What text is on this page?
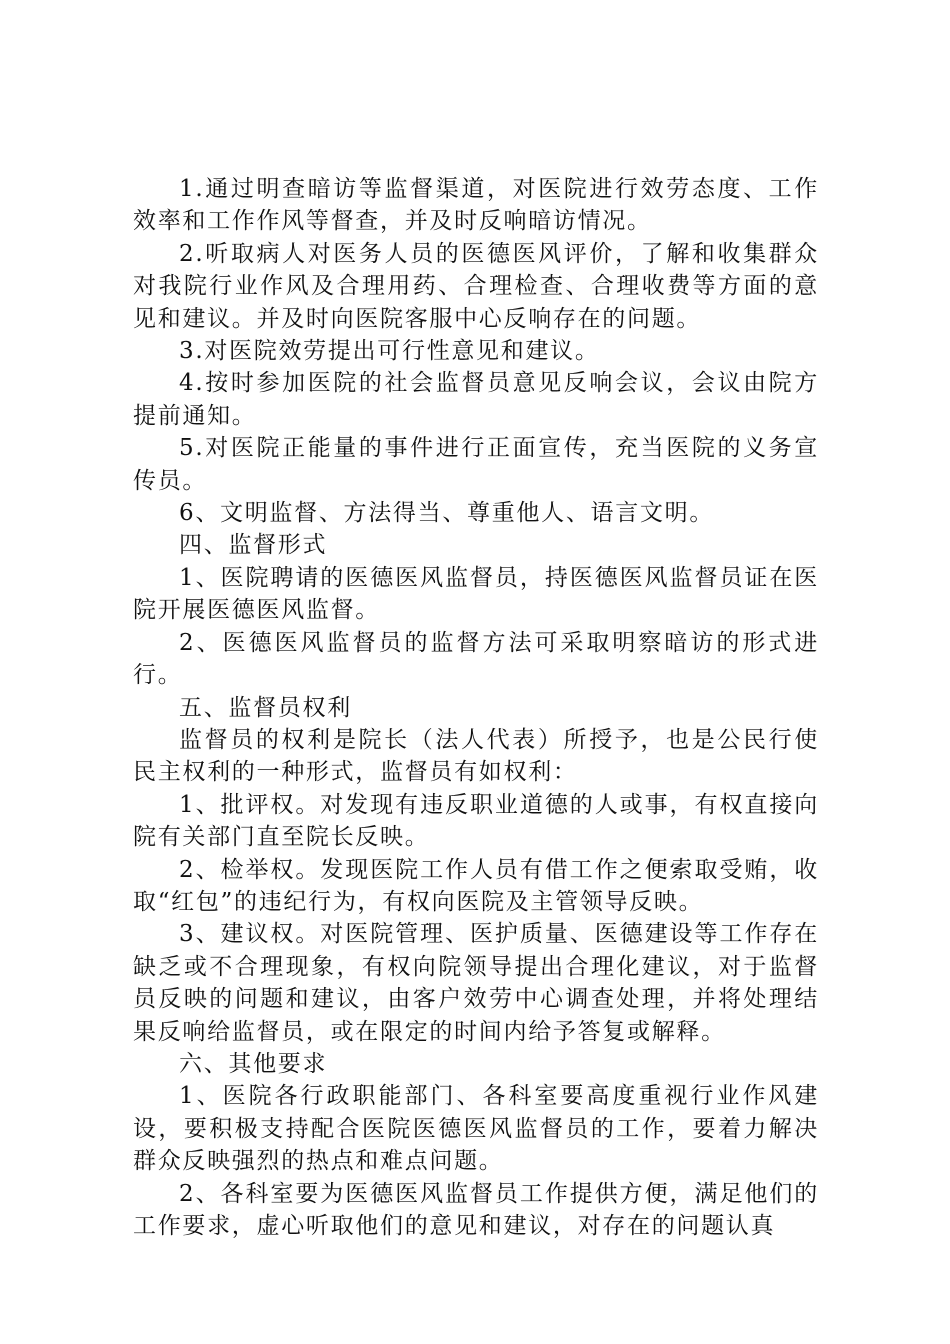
1.通过明查暗访等监督渠道，对医院进行效劳态度、工作效率和工作作风等督查，并及时反响暗访情况。

2.听取病人对医务人员的医德医风评价，了解和收集群众对我院行业作风及合理用药、合理检查、合理收费等方面的意见和建议。并及时向医院客服中心反响存在的问题。

3.对医院效劳提出可行性意见和建议。

4.按时参加医院的社会监督员意见反响会议，会议由院方提前通知。

5.对医院正能量的事件进行正面宣传，充当医院的义务宣传员。

6、文明监督、方法得当、尊重他人、语言文明。

四、监督形式

1、医院聘请的医德医风监督员，持医德医风监督员证在医院开展医德医风监督。

2、医德医风监督员的监督方法可采取明察暗访的形式进行。

五、监督员权利

监督员的权利是院长（法人代表）所授予，也是公民行使民主权利的一种形式，监督员有如权利：

1、批评权。对发现有违反职业道德的人或事，有权直接向院有关部门直至院长反映。

2、检举权。发现医院工作人员有借工作之便索取受贿，收取“红包”的违纪行为，有权向医院及主管领导反映。

3、建议权。对医院管理、医护质量、医德建设等工作存在缺乏或不合理现象，有权向院领导提出合理化建议，对于监督员反映的问题和建议，由客户效劳中心调查处理，并将处理结果反响给监督员，或在限定的时间内给予答复或解释。

六、其他要求

1、医院各行政职能部门、各科室要高度重视行业作风建设，要积极支持配合医院医德医风监督员的工作，要着力解决群众反映强烈的热点和难点问题。

2、各科室要为医德医风监督员工作提供方便，满足他们的工作要求，虚心听取他们的意见和建议，对存在的问题认真
